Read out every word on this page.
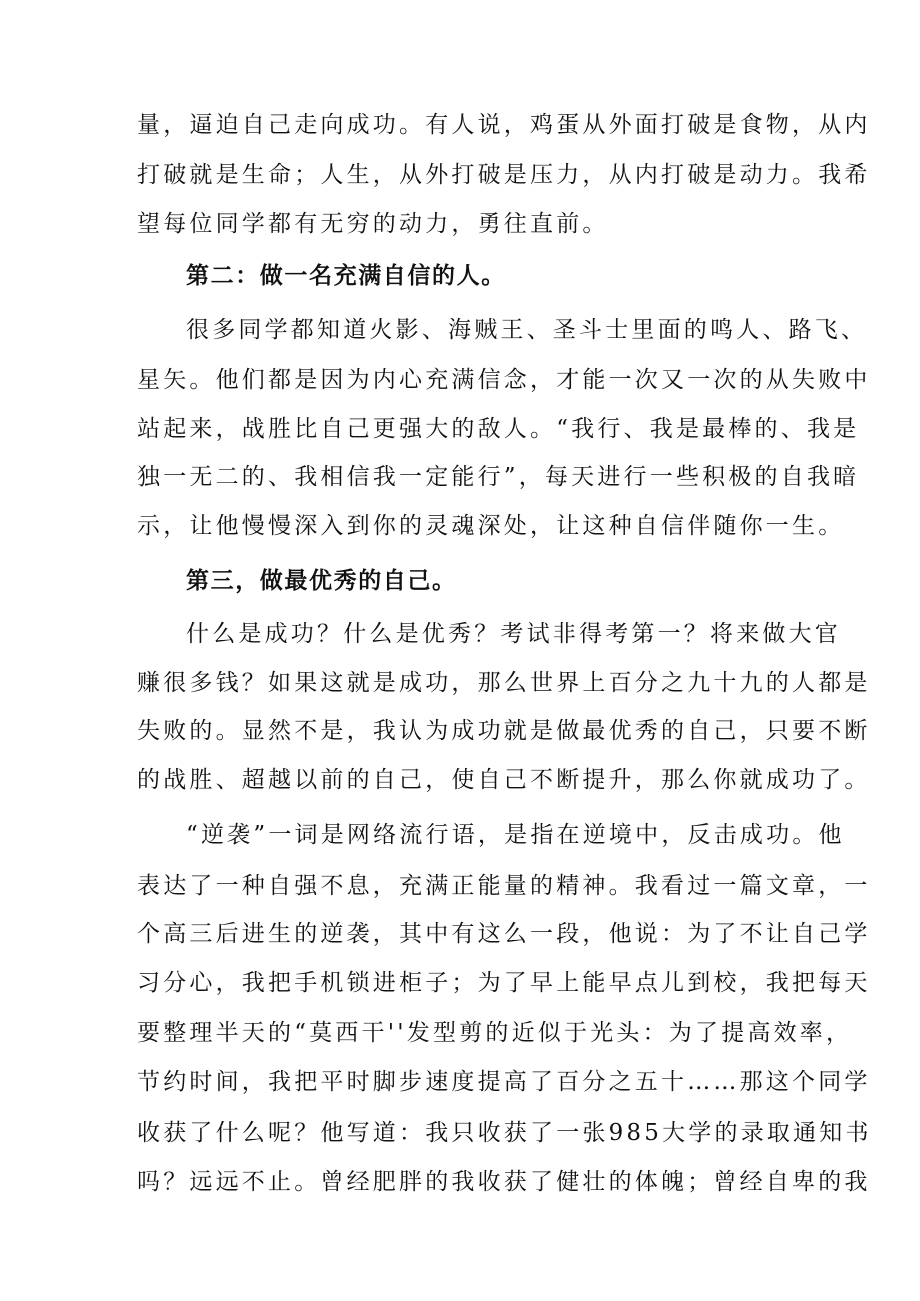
量，逼迫自己走向成功。有人说，鸡蛋从外面打破是食物，从内
打破就是生命；人生，从外打破是压力，从内打破是动力。我希
望每位同学都有无穷的动力，勇往直前。
第二：做一名充满自信的人。
很多同学都知道火影、海贼王、圣斗士里面的鸣人、路飞、
星矢。他们都是因为内心充满信念，才能一次又一次的从失败中
站起来，战胜比自己更强大的敌人。“我行、我是最棒的、我是
独一无二的、我相信我一定能行”，每天进行一些积极的自我暗
示，让他慢慢深入到你的灵魂深处，让这种自信伴随你一生。
第三，做最优秀的自己。
什么是成功？什么是优秀？考试非得考第一？将来做大官
赚很多钱？如果这就是成功，那么世界上百分之九十九的人都是
失败的。显然不是，我认为成功就是做最优秀的自己，只要不断
的战胜、超越以前的自己，使自己不断提升，那么你就成功了。
“逆袭”一词是网络流行语，是指在逆境中，反击成功。他
表达了一种自强不息，充满正能量的精神。我看过一篇文章，一
个高三后进生的逆袭，其中有这么一段，他说：为了不让自己学
习分心，我把手机锁进柜子；为了早上能早点儿到校，我把每天
要整理半天的“莫西干''发型剪的近似于光头：为了提高效率，
节约时间，我把平时脚步速度提高了百分之五十……那这个同学
收获了什么呢？他写道：我只收获了一张985大学的录取通知书
吗？远远不止。曾经肥胖的我收获了健壮的体魄；曾经自卑的我
